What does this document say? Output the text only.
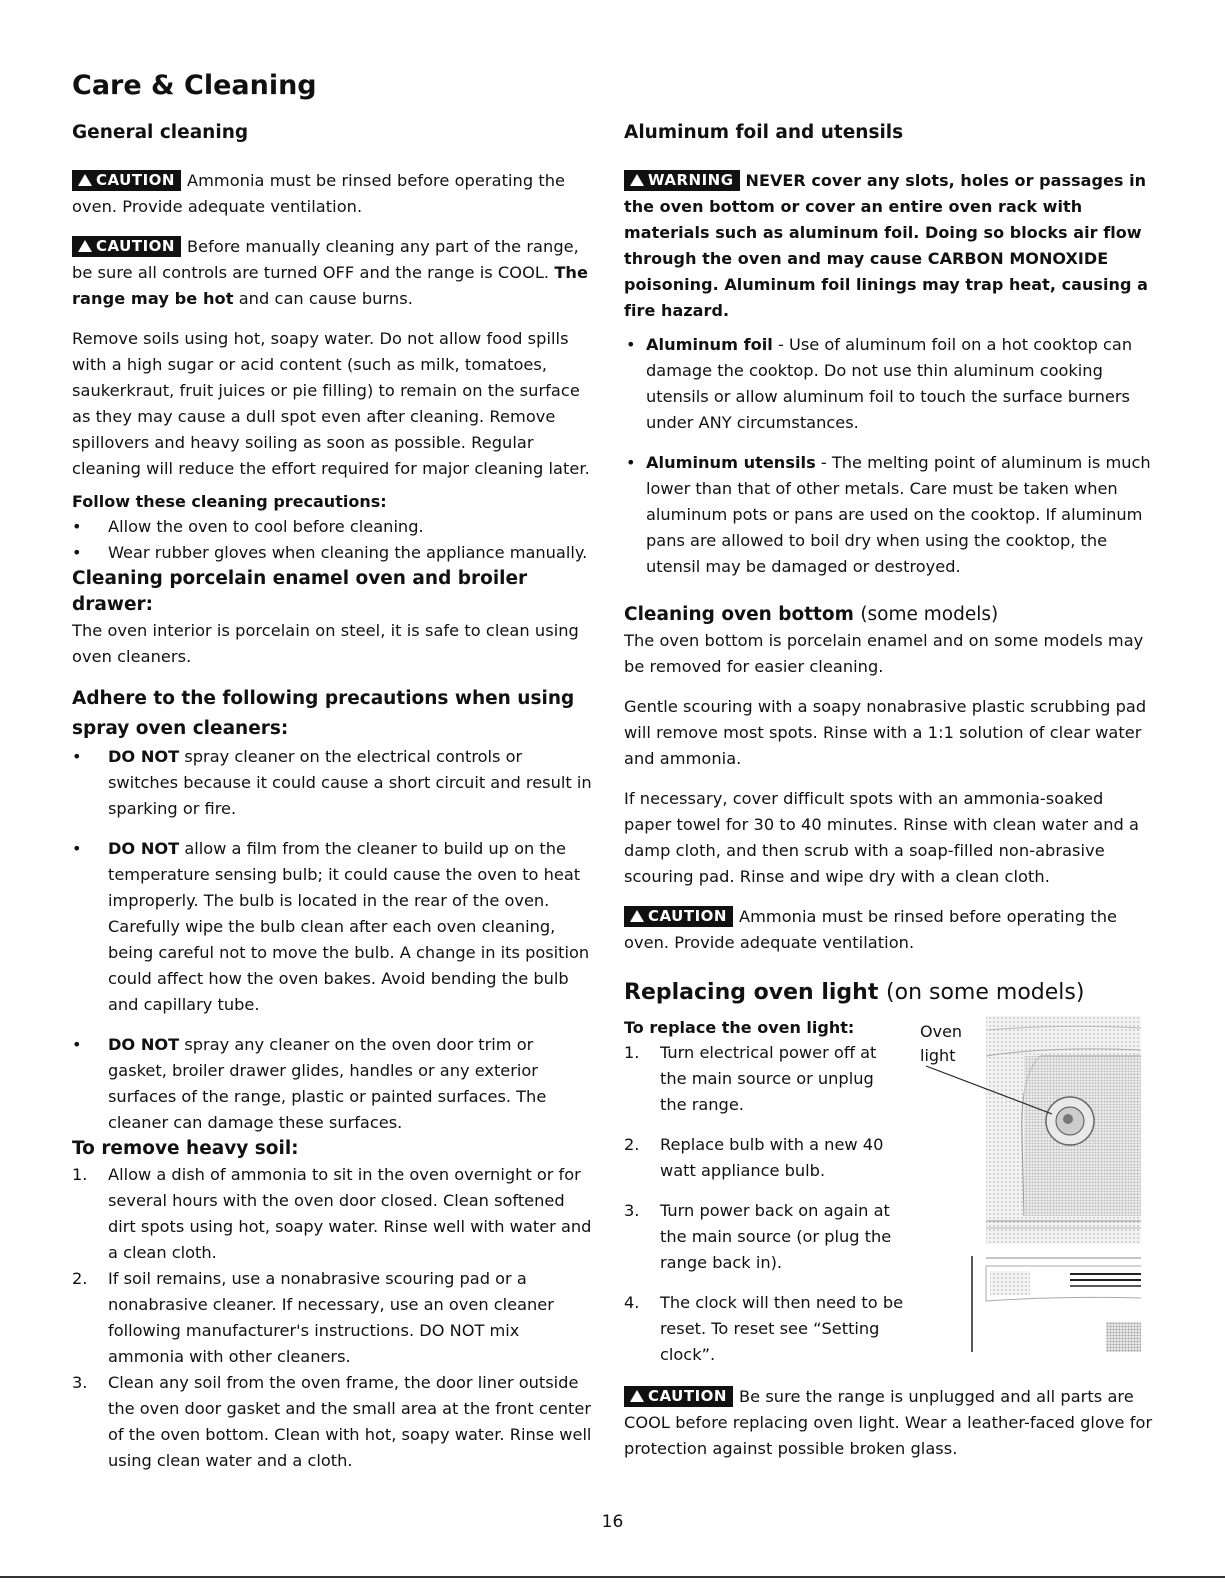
Care & Cleaning
General cleaning

CAUTION Ammonia must be rinsed before operating the oven. Provide adequate ventilation.

CAUTION Before manually cleaning any part of the range, be sure all controls are turned OFF and the range is COOL. The range may be hot and can cause burns.

Remove soils using hot, soapy water. Do not allow food spills with a high sugar or acid content (such as milk, tomatoes, saukerkraut, fruit juices or pie filling) to remain on the surface as they may cause a dull spot even after cleaning. Remove spillovers and heavy soiling as soon as possible. Regular cleaning will reduce the effort required for major cleaning later.

Follow these cleaning precautions:
• Allow the oven to cool before cleaning.
• Wear rubber gloves when cleaning the appliance manually.
Cleaning porcelain enamel oven and broiler drawer:

The oven interior is porcelain on steel, it is safe to clean using oven cleaners.

Adhere to the following precautions when using spray oven cleaners:
• DO NOT spray cleaner on the electrical controls or switches because it could cause a short circuit and result in sparking or fire.
• DO NOT allow a film from the cleaner to build up on the temperature sensing bulb; it could cause the oven to heat improperly. The bulb is located in the rear of the oven. Carefully wipe the bulb clean after each oven cleaning, being careful not to move the bulb. A change in its position could affect how the oven bakes. Avoid bending the bulb and capillary tube.
• DO NOT spray any cleaner on the oven door trim or gasket, broiler drawer glides, handles or any exterior surfaces of the range, plastic or painted surfaces. The cleaner can damage these surfaces.
To remove heavy soil:
1. Allow a dish of ammonia to sit in the oven overnight or for several hours with the oven door closed. Clean softened dirt spots using hot, soapy water. Rinse well with water and a clean cloth.
2. If soil remains, use a nonabrasive scouring pad or a nonabrasive cleaner. If necessary, use an oven cleaner following manufacturer's instructions. DO NOT mix ammonia with other cleaners.
3. Clean any soil from the oven frame, the door liner outside the oven door gasket and the small area at the front center of the oven bottom. Clean with hot, soapy water. Rinse well using clean water and a cloth.
Aluminum foil and utensils

WARNING NEVER cover any slots, holes or passages in the oven bottom or cover an entire oven rack with materials such as aluminum foil. Doing so blocks air flow through the oven and may cause CARBON MONOXIDE poisoning. Aluminum foil linings may trap heat, causing a fire hazard.

• Aluminum foil - Use of aluminum foil on a hot cooktop can damage the cooktop. Do not use thin aluminum cooking utensils or allow aluminum foil to touch the surface burners under ANY circumstances.
• Aluminum utensils - The melting point of aluminum is much lower than that of other metals. Care must be taken when aluminum pots or pans are used on the cooktop. If aluminum pans are allowed to boil dry when using the cooktop, the utensil may be damaged or destroyed.
Cleaning oven bottom (some models)

The oven bottom is porcelain enamel and on some models may be removed for easier cleaning.

Gentle scouring with a soapy nonabrasive plastic scrubbing pad will remove most spots. Rinse with a 1:1 solution of clear water and ammonia.

If necessary, cover difficult spots with an ammonia-soaked paper towel for 30 to 40 minutes. Rinse with clean water and a damp cloth, and then scrub with a soap-filled non-abrasive scouring pad. Rinse and wipe dry with a clean cloth.

CAUTION Ammonia must be rinsed before operating the oven. Provide adequate ventilation.

Replacing oven light (on some models)
To replace the oven light:
1. Turn electrical power off at the main source or unplug the range.
2. Replace bulb with a new 40 watt appliance bulb.
3. Turn power back on again at the main source (or plug the range back in).
4. The clock will then need to be reset. To reset see “Setting clock”.
Oven light

CAUTION Be sure the range is unplugged and all parts are COOL before replacing oven light. Wear a leather-faced glove for protection against possible broken glass.

16
